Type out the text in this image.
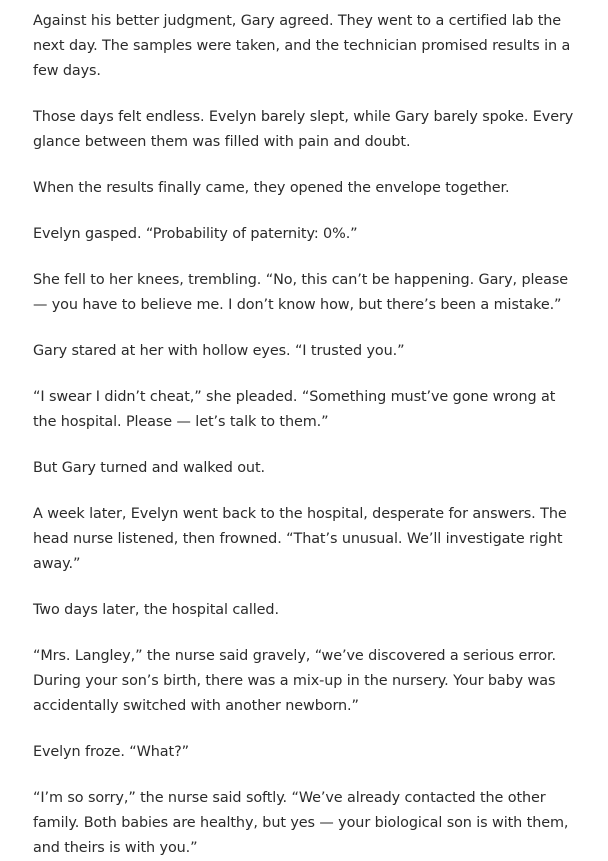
Against his better judgment, Gary agreed. They went to a certified lab the next day. The samples were taken, and the technician promised results in a few days.

Those days felt endless. Evelyn barely slept, while Gary barely spoke. Every glance between them was filled with pain and doubt.

When the results finally came, they opened the envelope together.

Evelyn gasped. “Probability of paternity: 0%.”

She fell to her knees, trembling. “No, this can’t be happening. Gary, please — you have to believe me. I don’t know how, but there’s been a mistake.”

Gary stared at her with hollow eyes. “I trusted you.”

“I swear I didn’t cheat,” she pleaded. “Something must’ve gone wrong at the hospital. Please — let’s talk to them.”

But Gary turned and walked out.

A week later, Evelyn went back to the hospital, desperate for answers. The head nurse listened, then frowned. “That’s unusual. We’ll investigate right away.”

Two days later, the hospital called.

“Mrs. Langley,” the nurse said gravely, “we’ve discovered a serious error. During your son’s birth, there was a mix-up in the nursery. Your baby was accidentally switched with another newborn.”

Evelyn froze. “What?”

“I’m so sorry,” the nurse said softly. “We’ve already contacted the other family. Both babies are healthy, but yes — your biological son is with them, and theirs is with you.”
